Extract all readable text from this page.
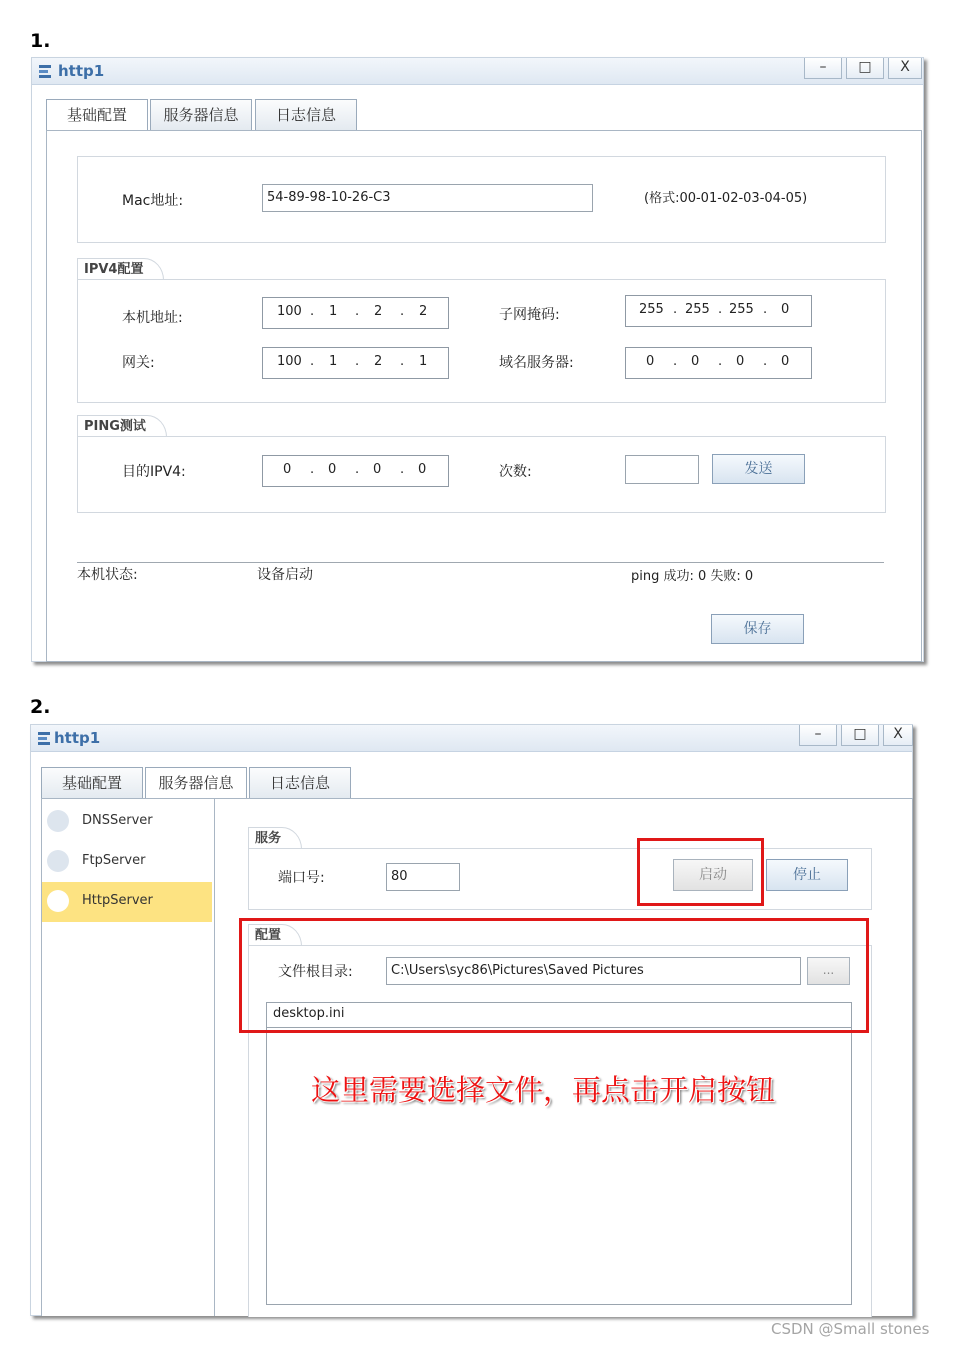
1.
http1	–	□	X
基础配置	服务器信息	日志信息
Mac地址:	54-89-98-10-26-C3	(格式:00-01-02-03-04-05)
IPV4配置
本机地址:	100 . 1 . 2 . 2	子网掩码:	255 . 255 . 255 . 0
网关:	100 . 1 . 2 . 1	域名服务器:	0 . 0 . 0 . 0
PING测试
目的IPV4:	0 . 0 . 0 . 0	次数:	发送
本机状态:	设备启动	ping 成功: 0 失败: 0
保存
2.
http1	–	□	X
基础配置	服务器信息	日志信息
DNSServer
FtpServer
HttpServer
服务
端口号:	80	启动	停止
配置
文件根目录:	C:\Users\syc86\Pictures\Saved Pictures	...
desktop.ini
这里需要选择文件，再点击开启按钮
CSDN @Small stones
